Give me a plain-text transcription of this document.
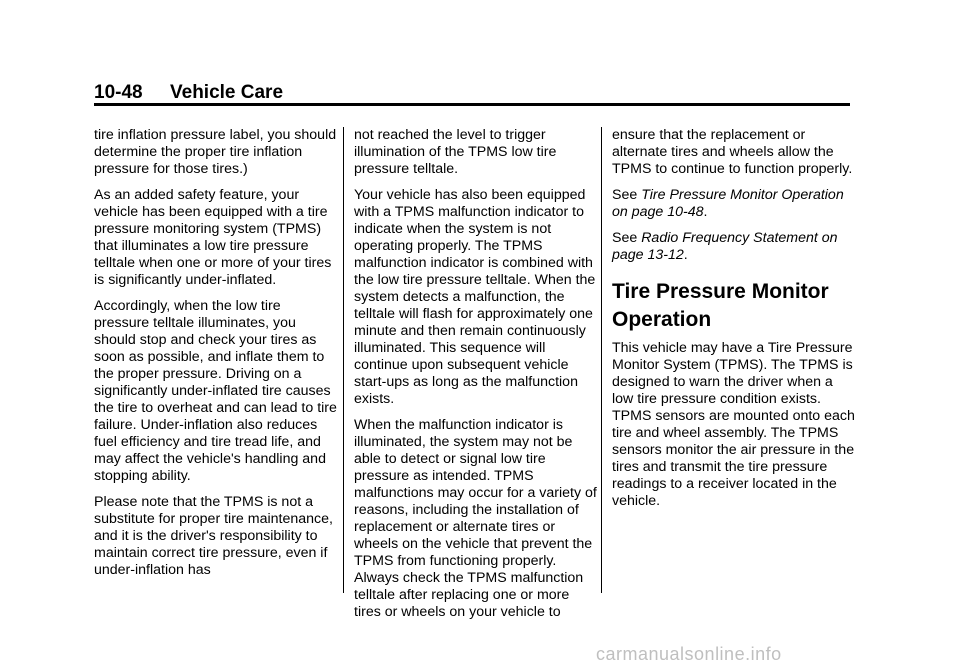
10-48 Vehicle Care

tire inflation pressure label, you should determine the proper tire inflation pressure for those tires.)

As an added safety feature, your vehicle has been equipped with a tire pressure monitoring system (TPMS) that illuminates a low tire pressure telltale when one or more of your tires is significantly under-inflated.

Accordingly, when the low tire pressure telltale illuminates, you should stop and check your tires as soon as possible, and inflate them to the proper pressure. Driving on a significantly under-inflated tire causes the tire to overheat and can lead to tire failure. Under-inflation also reduces fuel efficiency and tire tread life, and may affect the vehicle's handling and stopping ability.

Please note that the TPMS is not a substitute for proper tire maintenance, and it is the driver's responsibility to maintain correct tire pressure, even if under-inflation has

not reached the level to trigger illumination of the TPMS low tire pressure telltale.

Your vehicle has also been equipped with a TPMS malfunction indicator to indicate when the system is not operating properly. The TPMS malfunction indicator is combined with the low tire pressure telltale. When the system detects a malfunction, the telltale will flash for approximately one minute and then remain continuously illuminated. This sequence will continue upon subsequent vehicle start-ups as long as the malfunction exists.

When the malfunction indicator is illuminated, the system may not be able to detect or signal low tire pressure as intended. TPMS malfunctions may occur for a variety of reasons, including the installation of replacement or alternate tires or wheels on the vehicle that prevent the TPMS from functioning properly. Always check the TPMS malfunction telltale after replacing one or more tires or wheels on your vehicle to

ensure that the replacement or alternate tires and wheels allow the TPMS to continue to function properly.

See Tire Pressure Monitor Operation on page 10-48.

See Radio Frequency Statement on page 13-12.

Tire Pressure Monitor Operation

This vehicle may have a Tire Pressure Monitor System (TPMS). The TPMS is designed to warn the driver when a low tire pressure condition exists. TPMS sensors are mounted onto each tire and wheel assembly. The TPMS sensors monitor the air pressure in the tires and transmit the tire pressure readings to a receiver located in the vehicle.

carmanualsonline.info
